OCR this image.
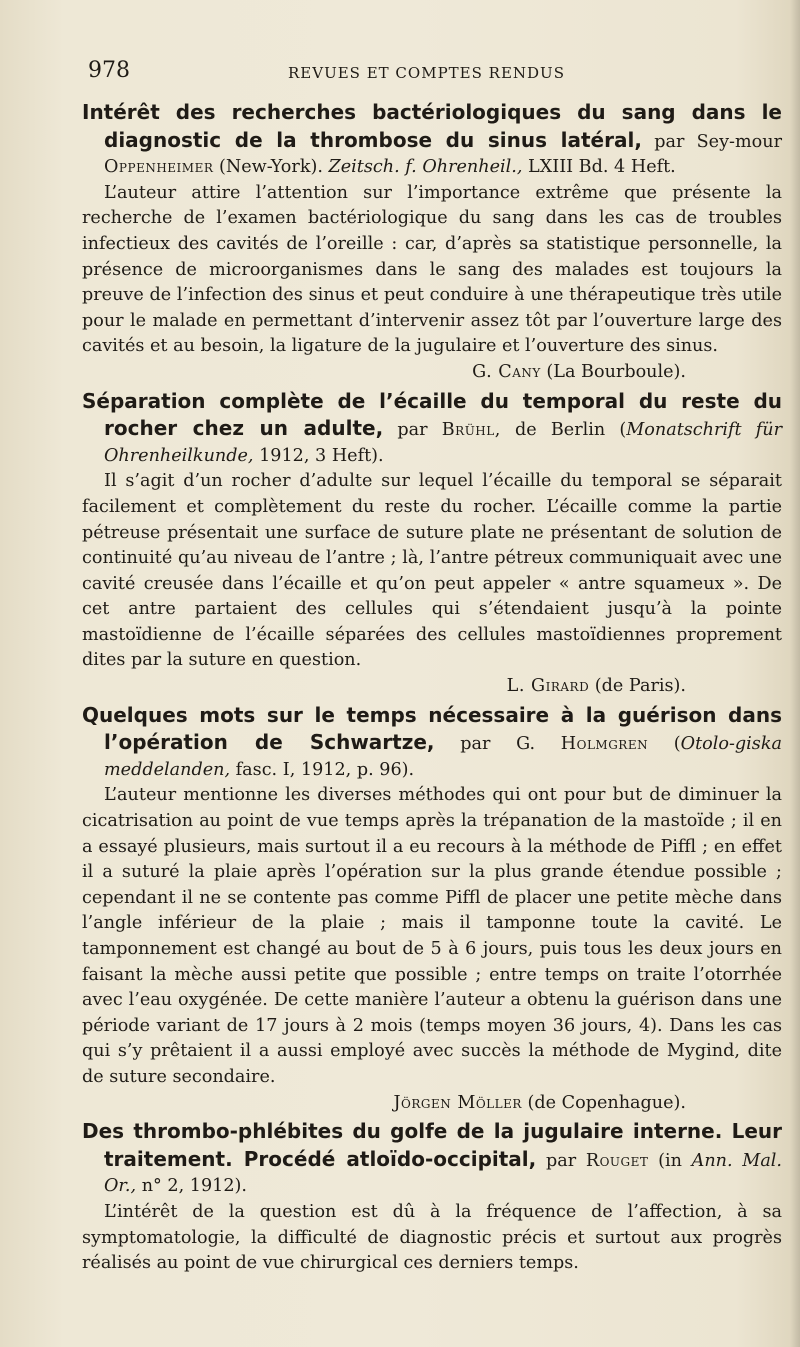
978	REVUES ET COMPTES RENDUS

Intérêt des recherches bactériologiques du sang dans le diagnostic de la thrombose du sinus latéral, par Sey-mour Oppenheimer (New-York). Zeitsch. f. Ohrenheil., LXIII Bd. 4 Heft.

L’auteur attire l’attention sur l’importance extrême que présente la recherche de l’examen bactériologique du sang dans les cas de troubles infectieux des cavités de l’oreille : car, d’après sa statistique personnelle, la présence de microorganismes dans le sang des malades est toujours la preuve de l’infection des sinus et peut conduire à une thérapeutique très utile pour le malade en permettant d’intervenir assez tôt par l’ouverture large des cavités et au besoin, la ligature de la jugulaire et l’ouverture des sinus.

G. Cany (La Bourboule).

Séparation complète de l’écaille du temporal du reste du rocher chez un adulte, par Brühl, de Berlin (Monatschrift für Ohrenheilkunde, 1912, 3 Heft).

Il s’agit d’un rocher d’adulte sur lequel l’écaille du temporal se séparait facilement et complètement du reste du rocher. L’écaille comme la partie pétreuse présentait une surface de suture plate ne présentant de solution de continuité qu’au niveau de l’antre ; là, l’antre pétreux communiquait avec une cavité creusée dans l’écaille et qu’on peut appeler « antre squameux ». De cet antre partaient des cellules qui s’étendaient jusqu’à la pointe mastoïdienne de l’écaille séparées des cellules mastoïdiennes proprement dites par la suture en question.

L. Girard (de Paris).

Quelques mots sur le temps nécessaire à la guérison dans l’opération de Schwartze, par G. Holmgren (Otolo-giska meddelanden, fasc. I, 1912, p. 96).

L’auteur mentionne les diverses méthodes qui ont pour but de diminuer la cicatrisation au point de vue temps après la trépanation de la mastoïde ; il en a essayé plusieurs, mais surtout il a eu recours à la méthode de Piffl ; en effet il a suturé la plaie après l’opération sur la plus grande étendue possible ; cependant il ne se contente pas comme Piffl de placer une petite mèche dans l’angle inférieur de la plaie ; mais il tamponne toute la cavité. Le tamponnement est changé au bout de 5 à 6 jours, puis tous les deux jours en faisant la mèche aussi petite que possible ; entre temps on traite l’otorrhée avec l’eau oxygénée. De cette manière l’auteur a obtenu la guérison dans une période variant de 17 jours à 2 mois (temps moyen 36 jours, 4). Dans les cas qui s’y prêtaient il a aussi employé avec succès la méthode de Mygind, dite de suture secondaire.

Jörgen Möller (de Copenhague).

Des thrombo-phlébites du golfe de la jugulaire interne. Leur traitement. Procédé atloïdo-occipital, par Rouget (in Ann. Mal. Or., n° 2, 1912).

L’intérêt de la question est dû à la fréquence de l’affection, à sa symptomatologie, la difficulté de diagnostic précis et surtout aux progrès réalisés au point de vue chirurgical ces derniers temps.
